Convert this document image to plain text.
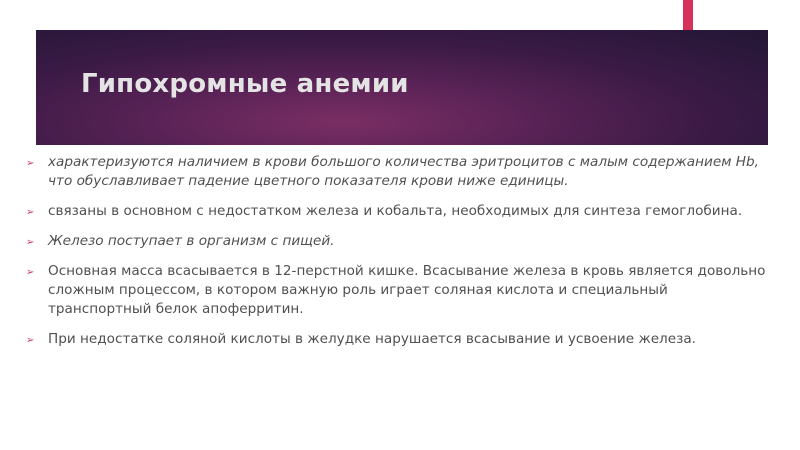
Гипохромные анемии
➢ характеризуются наличием в крови большого количества эритроцитов с малым содержанием Hb, что обуславливает падение цветного показателя крови ниже единицы.
➢ связаны в основном с недостатком железа и кобальта, необходимых для синтеза гемоглобина.
➢ Железо поступает в организм с пищей.
➢ Основная масса всасывается в 12-перстной кишке. Всасывание железа в кровь является довольно сложным процессом, в котором важную роль играет соляная кислота и специальный транспортный белок апоферритин.
➢ При недостатке соляной кислоты в желудке нарушается всасывание и усвоение железа.
